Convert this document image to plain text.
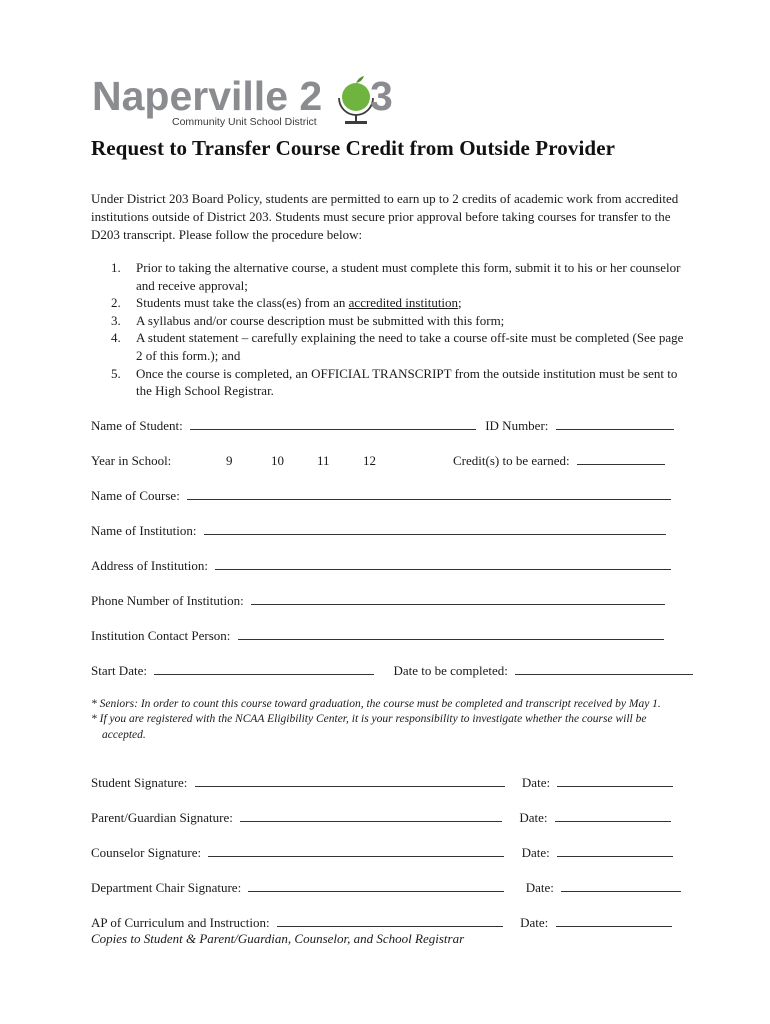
Naperville 2 3
Community Unit School District
Request to Transfer Course Credit from Outside Provider

Under District 203 Board Policy, students are permitted to earn up to 2 credits of academic work from accredited institutions outside of District 203. Students must secure prior approval before taking courses for transfer to the D203 transcript. Please follow the procedure below:

1. Prior to taking the alternative course, a student must complete this form, submit it to his or her counselor and receive approval;
2. Students must take the class(es) from an accredited institution;
3. A syllabus and/or course description must be submitted with this form;
4. A student statement – carefully explaining the need to take a course off-site must be completed (See page 2 of this form.); and
5. Once the course is completed, an OFFICIAL TRANSCRIPT from the outside institution must be sent to the High School Registrar.
Name of Student:	ID Number:
Year in School:	9	10	11	12	Credit(s) to be earned:
Name of Course:
Name of Institution:
Address of Institution:
Phone Number of Institution:
Institution Contact Person:
Start Date:	Date to be completed:

* Seniors: In order to count this course toward graduation, the course must be completed and transcript received by May 1.

* If you are registered with the NCAA Eligibility Center, it is your responsibility to investigate whether the course will be accepted.

Student Signature:	Date:
Parent/Guardian Signature:	Date:
Counselor Signature:	Date:
Department Chair Signature:	Date:
AP of Curriculum and Instruction:	Date:

Copies to Student & Parent/Guardian, Counselor, and School Registrar
